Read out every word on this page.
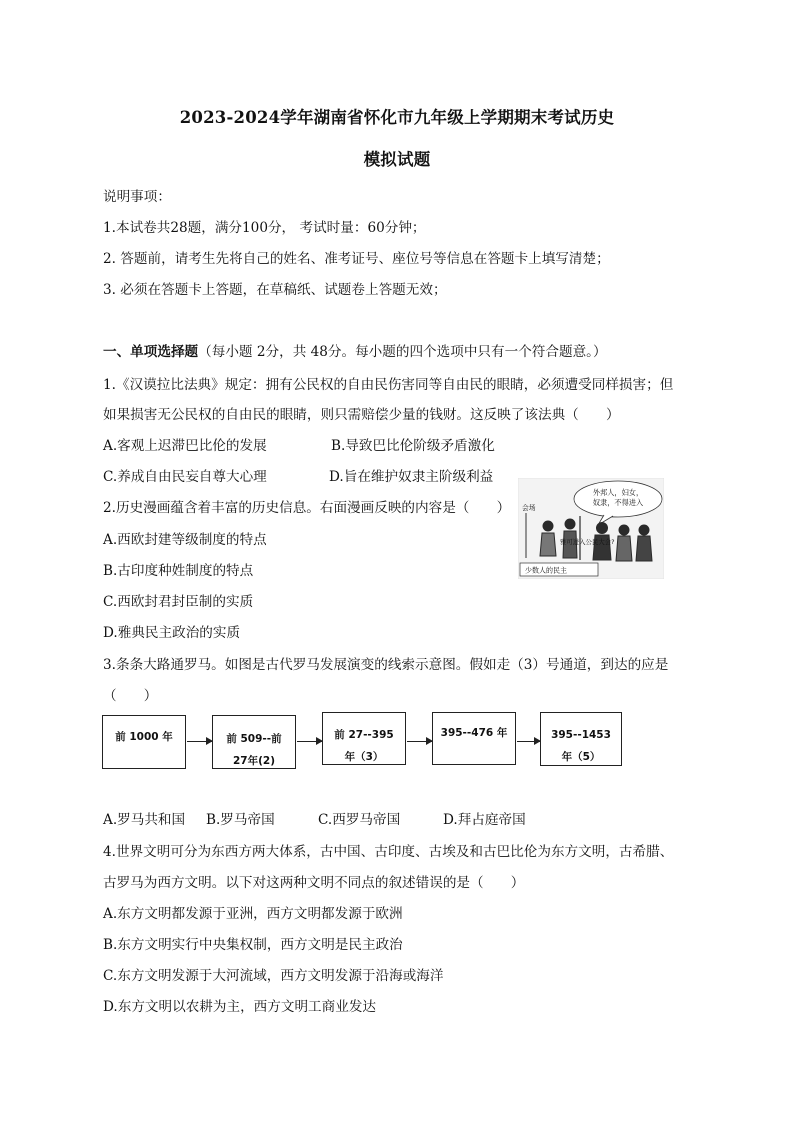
2023-2024学年湖南省怀化市九年级上学期期末考试历史
模拟试题
说明事项：
1.本试卷共28题，满分100分， 考试时量：60分钟；
2. 答题前，请考生先将自己的姓名、准考证号、座位号等信息在答题卡上填写清楚；
3. 必须在答题卡上答题，在草稿纸、试题卷上答题无效；
一、单项选择题（每小题 2分，共 48分。每小题的四个选项中只有一个符合题意。）
1.《汉谟拉比法典》规定：拥有公民权的自由民伤害同等自由民的眼睛，必须遭受同样损害；但
如果损害无公民权的自由民的眼睛，则只需赔偿少量的钱财。这反映了该法典（　　）
A.客观上迟滞巴比伦的发展	B.导致巴比伦阶级矛盾激化
C.养成自由民妄自尊大心理	D.旨在维护奴隶主阶级利益
2.历史漫画蕴含着丰富的历史信息。右面漫画反映的内容是（　　）
A.西欧封建等级制度的特点
B.古印度种姓制度的特点
C.西欧封君封臣制的实质
D.雅典民主政治的实质
外邦人，妇女，
奴隶，不得进入
会场
雅可进入公民大会?
少数人的民主
3.条条大路通罗马。如图是古代罗马发展演变的线索示意图。假如走（3）号通道，到达的应是
（　　）
前 1000 年	前 509--前
27年(2)
前 27--395
年（3）
395--476 年	395--1453
年（5）
A.罗马共和国 B.罗马帝国	C.西罗马帝国	D.拜占庭帝国
4.世界文明可分为东西方两大体系，古中国、古印度、古埃及和古巴比伦为东方文明，古希腊、
古罗马为西方文明。以下对这两种文明不同点的叙述错误的是（　　）
A.东方文明都发源于亚洲，西方文明都发源于欧洲
B.东方文明实行中央集权制，西方文明是民主政治
C.东方文明发源于大河流域，西方文明发源于沿海或海洋
D.东方文明以农耕为主，西方文明工商业发达
